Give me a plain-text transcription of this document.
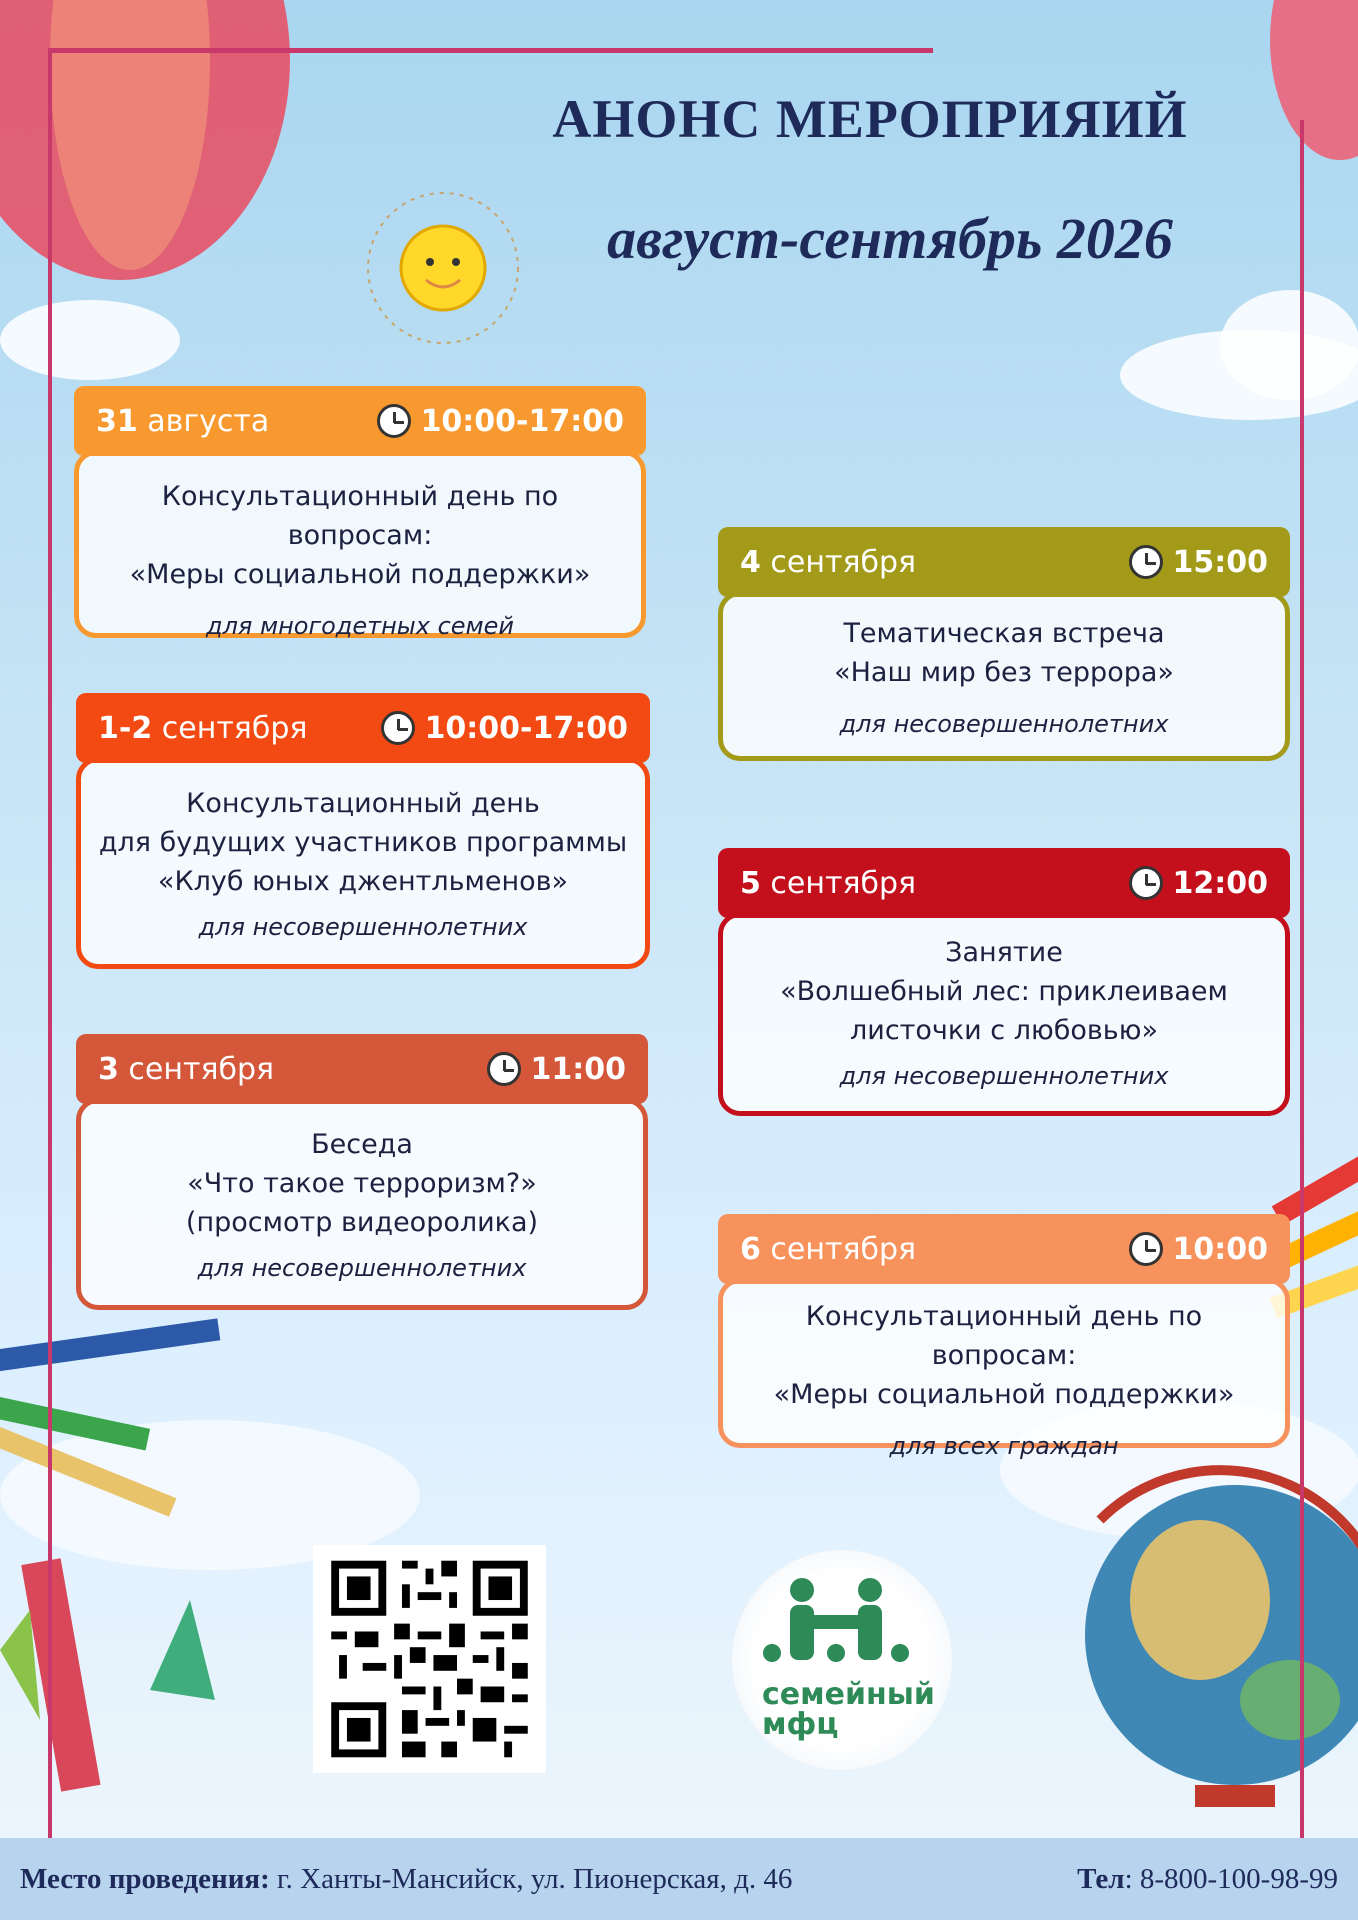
АНОНС МЕРОПРИЯИЙ
август-сентябрь 2026
31 августа	10:00-17:00
Консультационный день по вопросам:
«Меры социальной поддержки»
для многодетных семей
1-2 сентября	10:00-17:00
Консультационный день
для будущих участников программы
«Клуб юных джентльменов»
для несовершеннолетних
3 сентября	11:00
Беседа
«Что такое терроризм?»
(просмотр видеоролика)
для несовершеннолетних
4 сентября	15:00
Тематическая встреча
«Наш мир без террора»
для несовершеннолетних
5 сентября	12:00
Занятие
«Волшебный лес: приклеиваем
листочки с любовью»
для несовершеннолетних
6 сентября	10:00
Консультационный день по вопросам:
«Меры социальной поддержки»
для всех граждан
семейный
мфц
Место проведения: г. Ханты-Мансийск, ул. Пионерская, д. 46	Тел: 8-800-100-98-99
